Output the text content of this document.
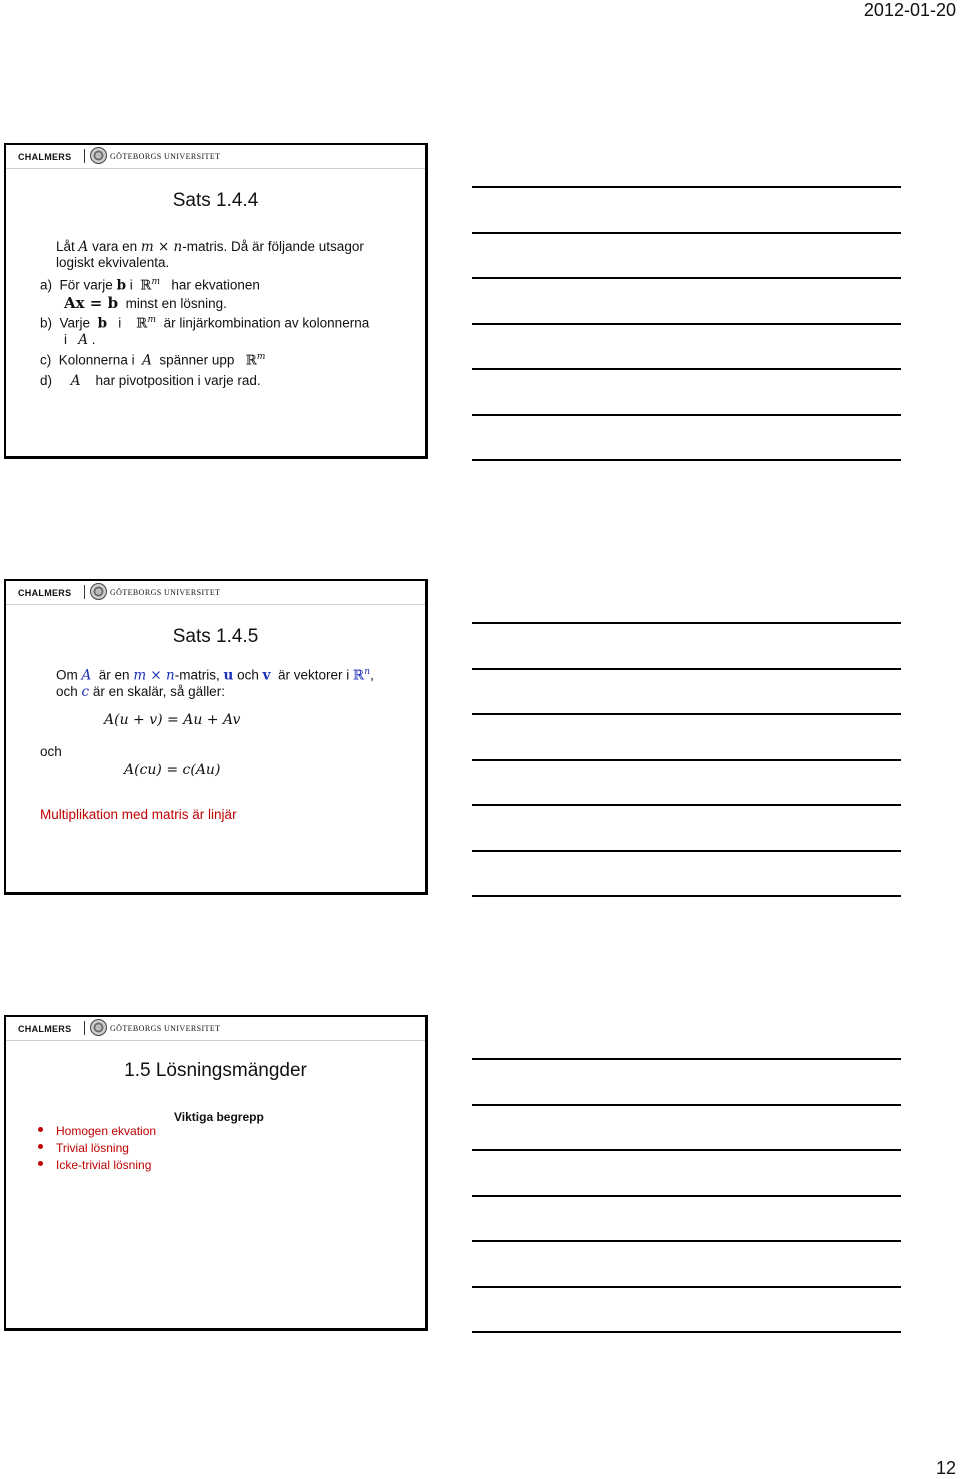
2012-01-20
CHALMERS	GÖTEBORGS UNIVERSITET
Sats 1.4.4
Låt A vara en m × n-matris. Då är följande utsagor
logiskt ekvivalenta.
a) För varje b i ℝ$^m$ har ekvationen
Ax = b minst en lösning.
b) Varje b i ℝ$^m$ är linjärkombination av kolonnerna
i A .
c) Kolonnerna i A spänner upp ℝ$^m$
d) A har pivotposition i varje rad.
CHALMERS	GÖTEBORGS UNIVERSITET
Sats 1.4.5
Om A är en m × n-matris, u och v är vektorer i ℝ$^n$,
och c är en skalär, så gäller:
A(u + v) = Au + Av
och
A(cu) = c(Au)
Multiplikation med matris är linjär
CHALMERS	GÖTEBORGS UNIVERSITET
1.5 Lösningsmängder
Viktiga begrepp
Homogen ekvation
Trivial lösning
Icke-trivial lösning
12
